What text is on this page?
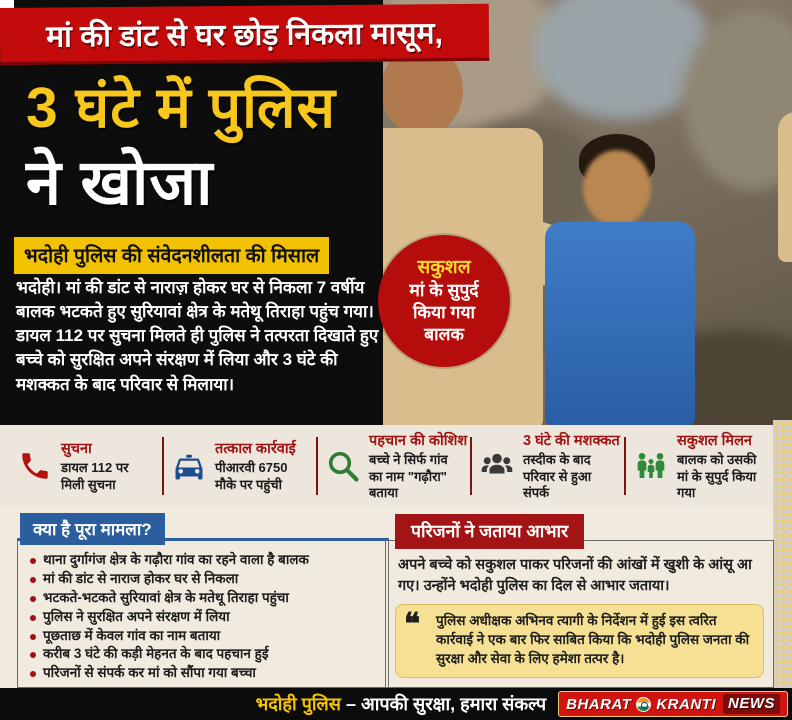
मां की डांट से घर छोड़ निकला मासूम,
3 घंटे में पुलिस
ने खोजा
भदोही पुलिस की संवेदनशीलता की मिसाल
भदोही। मां की डांट से नाराज़ होकर घर से निकला 7 वर्षीय बालक भटकते हुए सुरियावां क्षेत्र के मतेथू तिराहा पहुंच गया। डायल 112 पर सुचना मिलते ही पुलिस ने तत्परता दिखाते हुए बच्चे को सुरक्षित अपने संरक्षण में लिया और 3 घंटे की मशक्कत के बाद परिवार से मिलाया।
सकुशल
मां के सुपुर्द
किया गया
बालक
सुचना
डायल 112 पर मिली सुचना
तत्काल कार्रवाई
पीआरवी 6750 मौके पर पहुंची
पहचान की कोशिश
बच्चे ने सिर्फ गांव का नाम "गढ़ौरा" बताया
3 घंटे की मशक्कत
तस्दीक के बाद परिवार से हुआ संपर्क
सकुशल मिलन
बालक को उसकी मां के सुपुर्द किया गया
क्या है पूरा मामला?
थाना दुर्गागंज क्षेत्र के गढ़ौरा गांव का रहने वाला है बालक
मां की डांट से नाराज होकर घर से निकला
भटकते-भटकते सुरियावां क्षेत्र के मतेथू तिराहा पहुंचा
पुलिस ने सुरक्षित अपने संरक्षण में लिया
पूछताछ में केवल गांव का नाम बताया
करीब 3 घंटे की कड़ी मेहनत के बाद पहचान हुई
परिजनों से संपर्क कर मां को सौंपा गया बच्चा
परिजनों ने जताया आभार
अपने बच्चे को सकुशल पाकर परिजनों की आंखों में खुशी के आंसू आ गए। उन्होंने भदोही पुलिस का दिल से आभार जताया।
❝ पुलिस अधीक्षक अभिनव त्यागी के निर्देशन में हुई इस त्वरित कार्रवाई ने एक बार फिर साबित किया कि भदोही पुलिस जनता की सुरक्षा और सेवा के लिए हमेशा तत्पर है।
भदोही पुलिस – आपकी सुरक्षा, हमारा संकल्प BHARAT KRANTI NEWS
